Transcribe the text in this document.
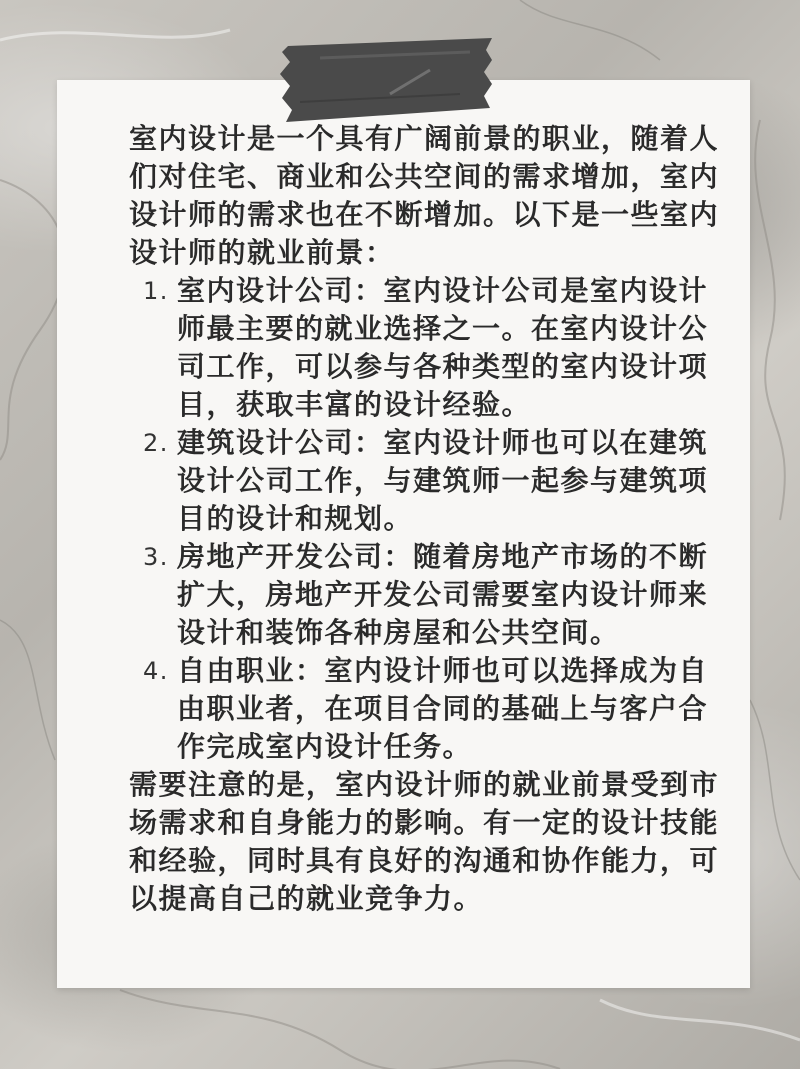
室内设计是一个具有广阔前景的职业，随着人们对住宅、商业和公共空间的需求增加，室内设计师的需求也在不断增加。以下是一些室内设计师的就业前景：

1. 室内设计公司：室内设计公司是室内设计师最主要的就业选择之一。在室内设计公司工作，可以参与各种类型的室内设计项目，获取丰富的设计经验。
2. 建筑设计公司：室内设计师也可以在建筑设计公司工作，与建筑师一起参与建筑项目的设计和规划。
3. 房地产开发公司：随着房地产市场的不断扩大，房地产开发公司需要室内设计师来设计和装饰各种房屋和公共空间。
4. 自由职业：室内设计师也可以选择成为自由职业者，在项目合同的基础上与客户合作完成室内设计任务。

需要注意的是，室内设计师的就业前景受到市场需求和自身能力的影响。有一定的设计技能和经验，同时具有良好的沟通和协作能力，可以提高自己的就业竞争力。
